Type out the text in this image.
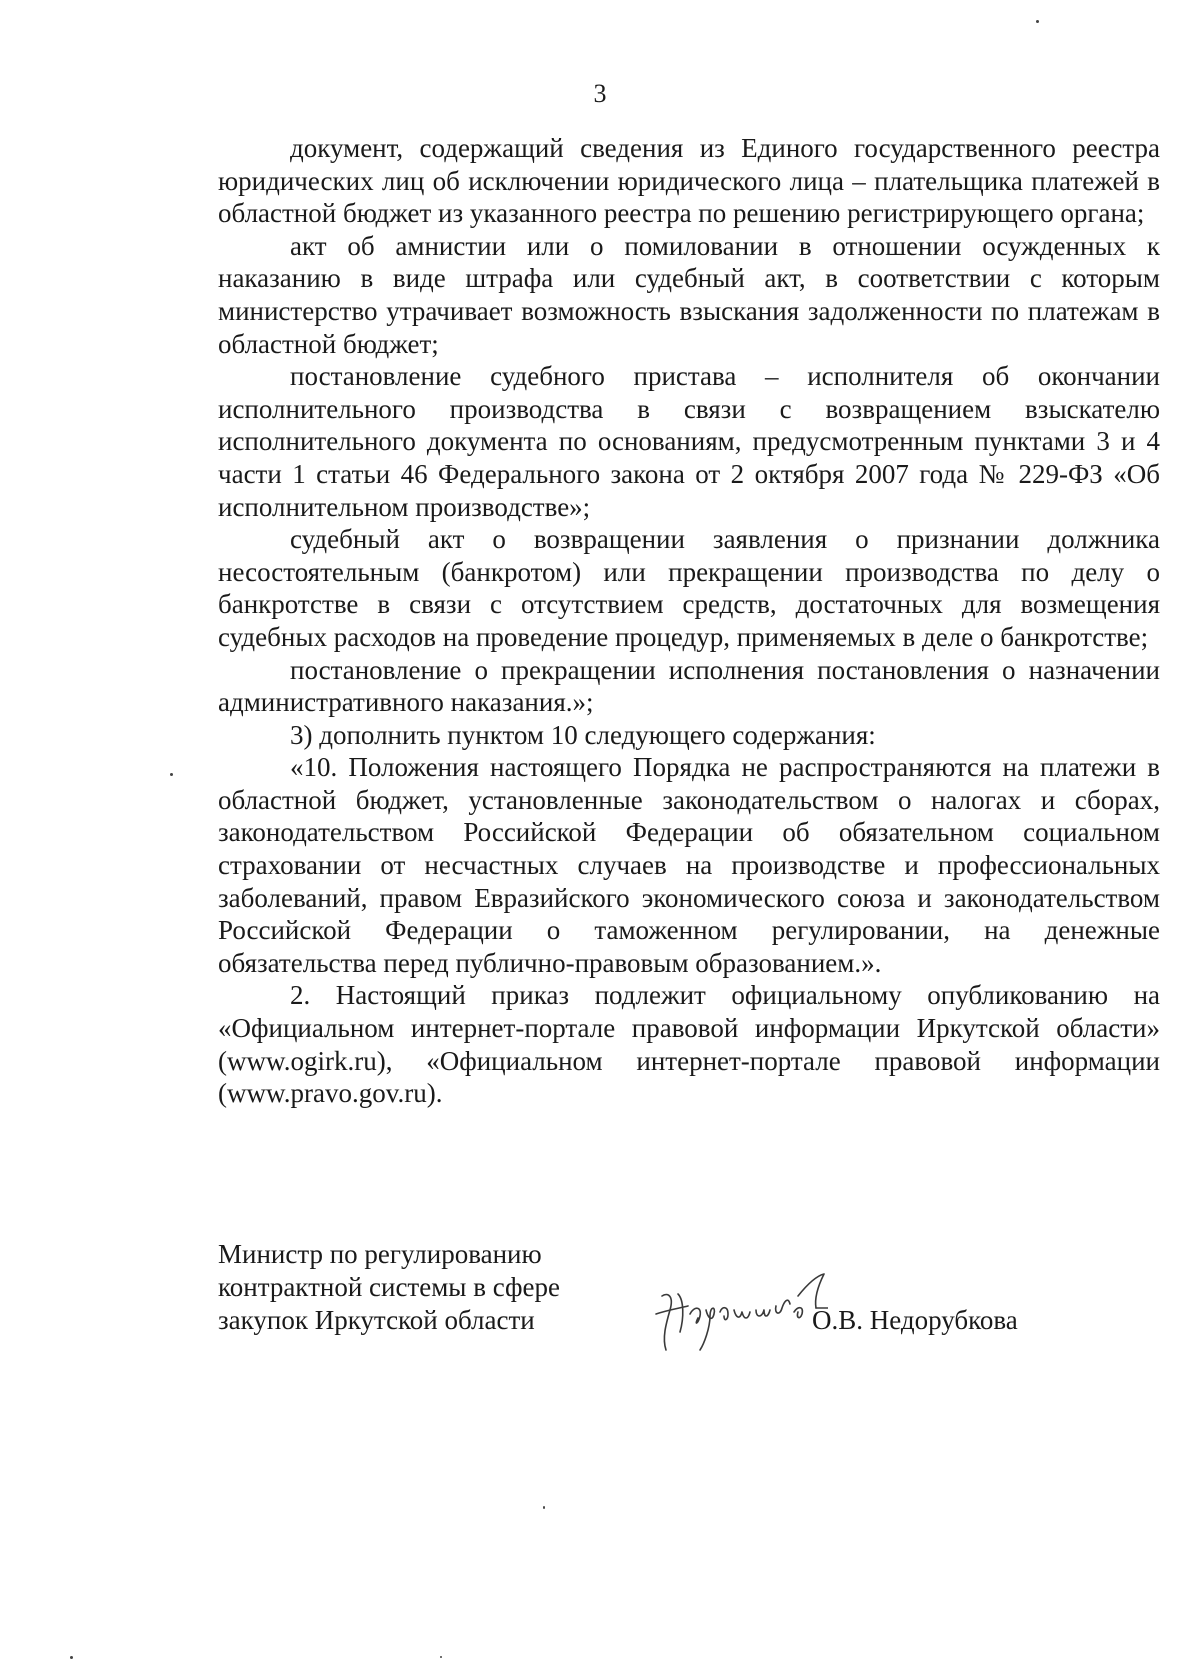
3

документ, содержащий сведения из Единого государственного реестра юридических лиц об исключении юридического лица – плательщика платежей в областной бюджет из указанного реестра по решению регистрирующего органа;

акт об амнистии или о помиловании в отношении осужденных к наказанию в виде штрафа или судебный акт, в соответствии с которым министерство утрачивает возможность взыскания задолженности по платежам в областной бюджет;

постановление судебного пристава – исполнителя об окончании исполнительного производства в связи с возвращением взыскателю исполнительного документа по основаниям, предусмотренным пунктами 3 и 4 части 1 статьи 46 Федерального закона от 2 октября 2007 года № 229-ФЗ «Об исполнительном производстве»;

судебный акт о возвращении заявления о признании должника несостоятельным (банкротом) или прекращении производства по делу о банкротстве в связи с отсутствием средств, достаточных для возмещения судебных расходов на проведение процедур, применяемых в деле о банкротстве;

постановление о прекращении исполнения постановления о назначении административного наказания.»;

3) дополнить пунктом 10 следующего содержания:

«10. Положения настоящего Порядка не распространяются на платежи в областной бюджет, установленные законодательством о налогах и сборах, законодательством Российской Федерации об обязательном социальном страховании от несчастных случаев на производстве и профессиональных заболеваний, правом Евразийского экономического союза и законодательством Российской Федерации о таможенном регулировании, на денежные обязательства перед публично-правовым образованием.».

2. Настоящий приказ подлежит официальному опубликованию на «Официальном интернет-портале правовой информации Иркутской области» (www.ogirk.ru), «Официальном интернет-портале правовой информации (www.pravo.gov.ru).

Министр по регулированию
контрактной системы в сфере
закупок Иркутской области	О.В. Недорубкова
